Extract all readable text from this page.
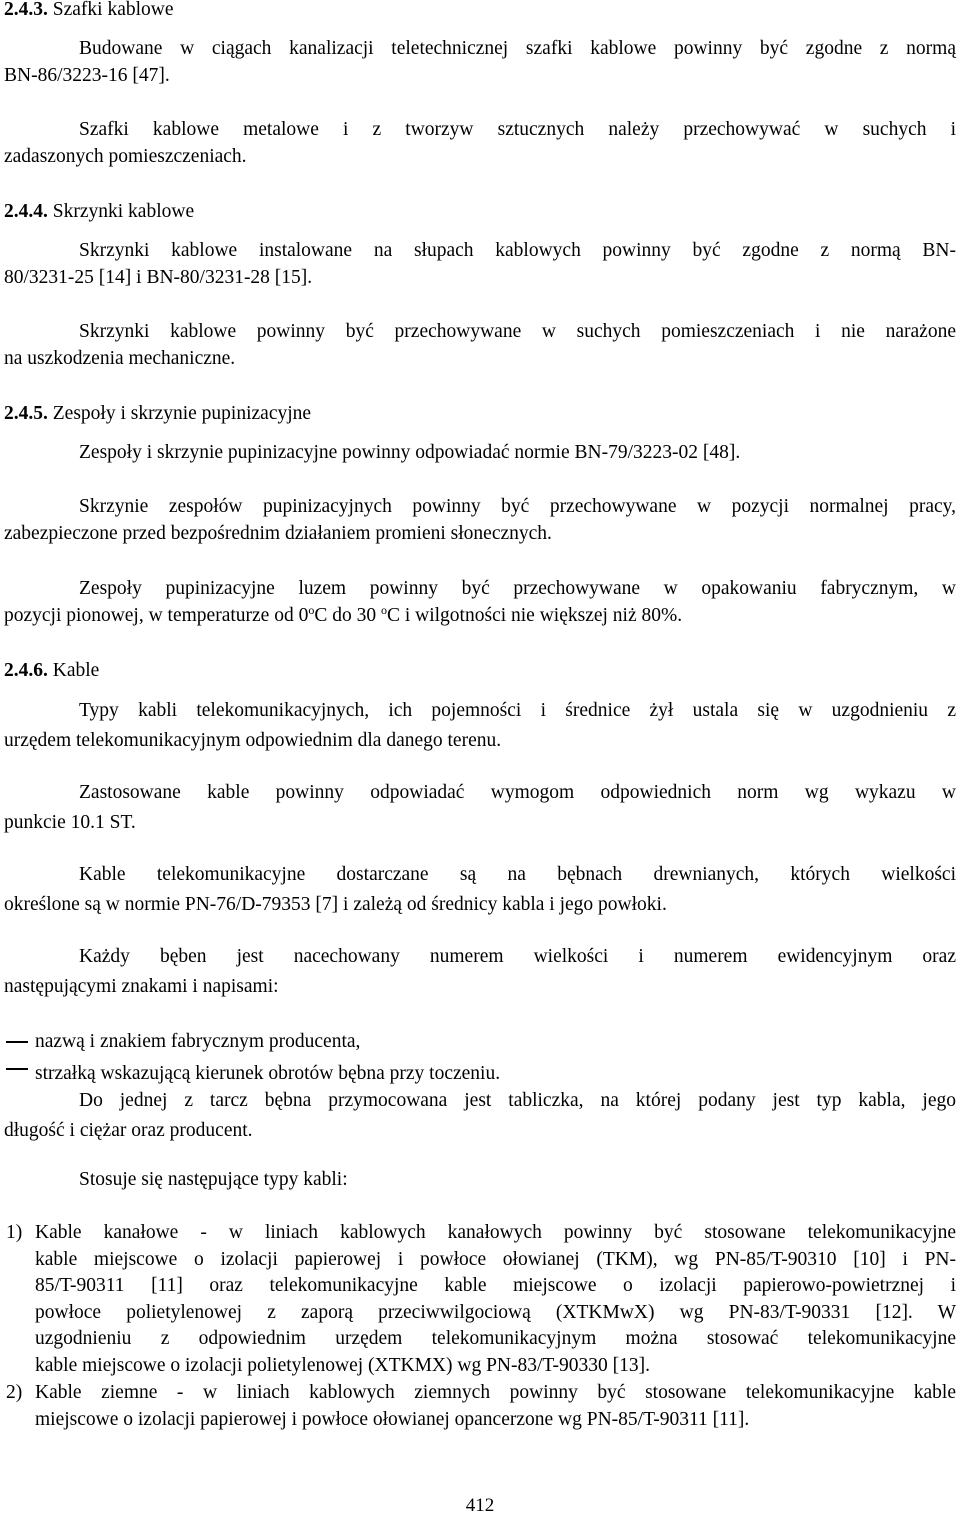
2.4.3. Szafki kablowe
Budowane w ciągach kanalizacji teletechnicznej szafki kablowe powinny być zgodne z normą
BN-86/3223-16 [47].
Szafki kablowe metalowe i z tworzyw sztucznych należy przechowywać w suchych i
zadaszonych pomieszczeniach.
2.4.4. Skrzynki kablowe
Skrzynki kablowe instalowane na słupach kablowych powinny być zgodne z normą BN-
80/3231-25 [14] i BN-80/3231-28 [15].
Skrzynki kablowe powinny być przechowywane w suchych pomieszczeniach i nie narażone
na uszkodzenia mechaniczne.
2.4.5. Zespoły i skrzynie pupinizacyjne
Zespoły i skrzynie pupinizacyjne powinny odpowiadać normie BN-79/3223-02 [48].
Skrzynie zespołów pupinizacyjnych powinny być przechowywane w pozycji normalnej pracy,
zabezpieczone przed bezpośrednim działaniem promieni słonecznych.
Zespoły pupinizacyjne luzem powinny być przechowywane w opakowaniu fabrycznym, w
pozycji pionowej, w temperaturze od 0$^o$C do 30 $^o$C i wilgotności nie większej niż 80%.
2.4.6. Kable
Typy kabli telekomunikacyjnych, ich pojemności i średnice żył ustala się w uzgodnieniu z
urzędem telekomunikacyjnym odpowiednim dla danego terenu.
Zastosowane kable powinny odpowiadać wymogom odpowiednich norm wg wykazu w
punkcie 10.1 ST.
Kable telekomunikacyjne dostarczane są na bębnach drewnianych, których wielkości
określone są w normie PN-76/D-79353 [7] i zależą od średnicy kabla i jego powłoki.
Każdy bęben jest nacechowany numerem wielkości i numerem ewidencyjnym oraz
następującymi znakami i napisami:
nazwą i znakiem fabrycznym producenta,
strzałką wskazującą kierunek obrotów bębna przy toczeniu.
Do jednej z tarcz bębna przymocowana jest tabliczka, na której podany jest typ kabla, jego
długość i ciężar oraz producent.
Stosuje się następujące typy kabli:
1) Kable kanałowe - w liniach kablowych kanałowych powinny być stosowane telekomunikacyjne
kable miejscowe o izolacji papierowej i powłoce ołowianej (TKM), wg PN-85/T-90310 [10] i PN-
85/T-90311 [11] oraz telekomunikacyjne kable miejscowe o izolacji papierowo-powietrznej i
powłoce polietylenowej z zaporą przeciwwilgociową (XTKMwX) wg PN-83/T-90331 [12]. W
uzgodnieniu z odpowiednim urzędem telekomunikacyjnym można stosować telekomunikacyjne
kable miejscowe o izolacji polietylenowej (XTKMX) wg PN-83/T-90330 [13].
2) Kable ziemne - w liniach kablowych ziemnych powinny być stosowane telekomunikacyjne kable
miejscowe o izolacji papierowej i powłoce ołowianej opancerzone wg PN-85/T-90311 [11].
412
